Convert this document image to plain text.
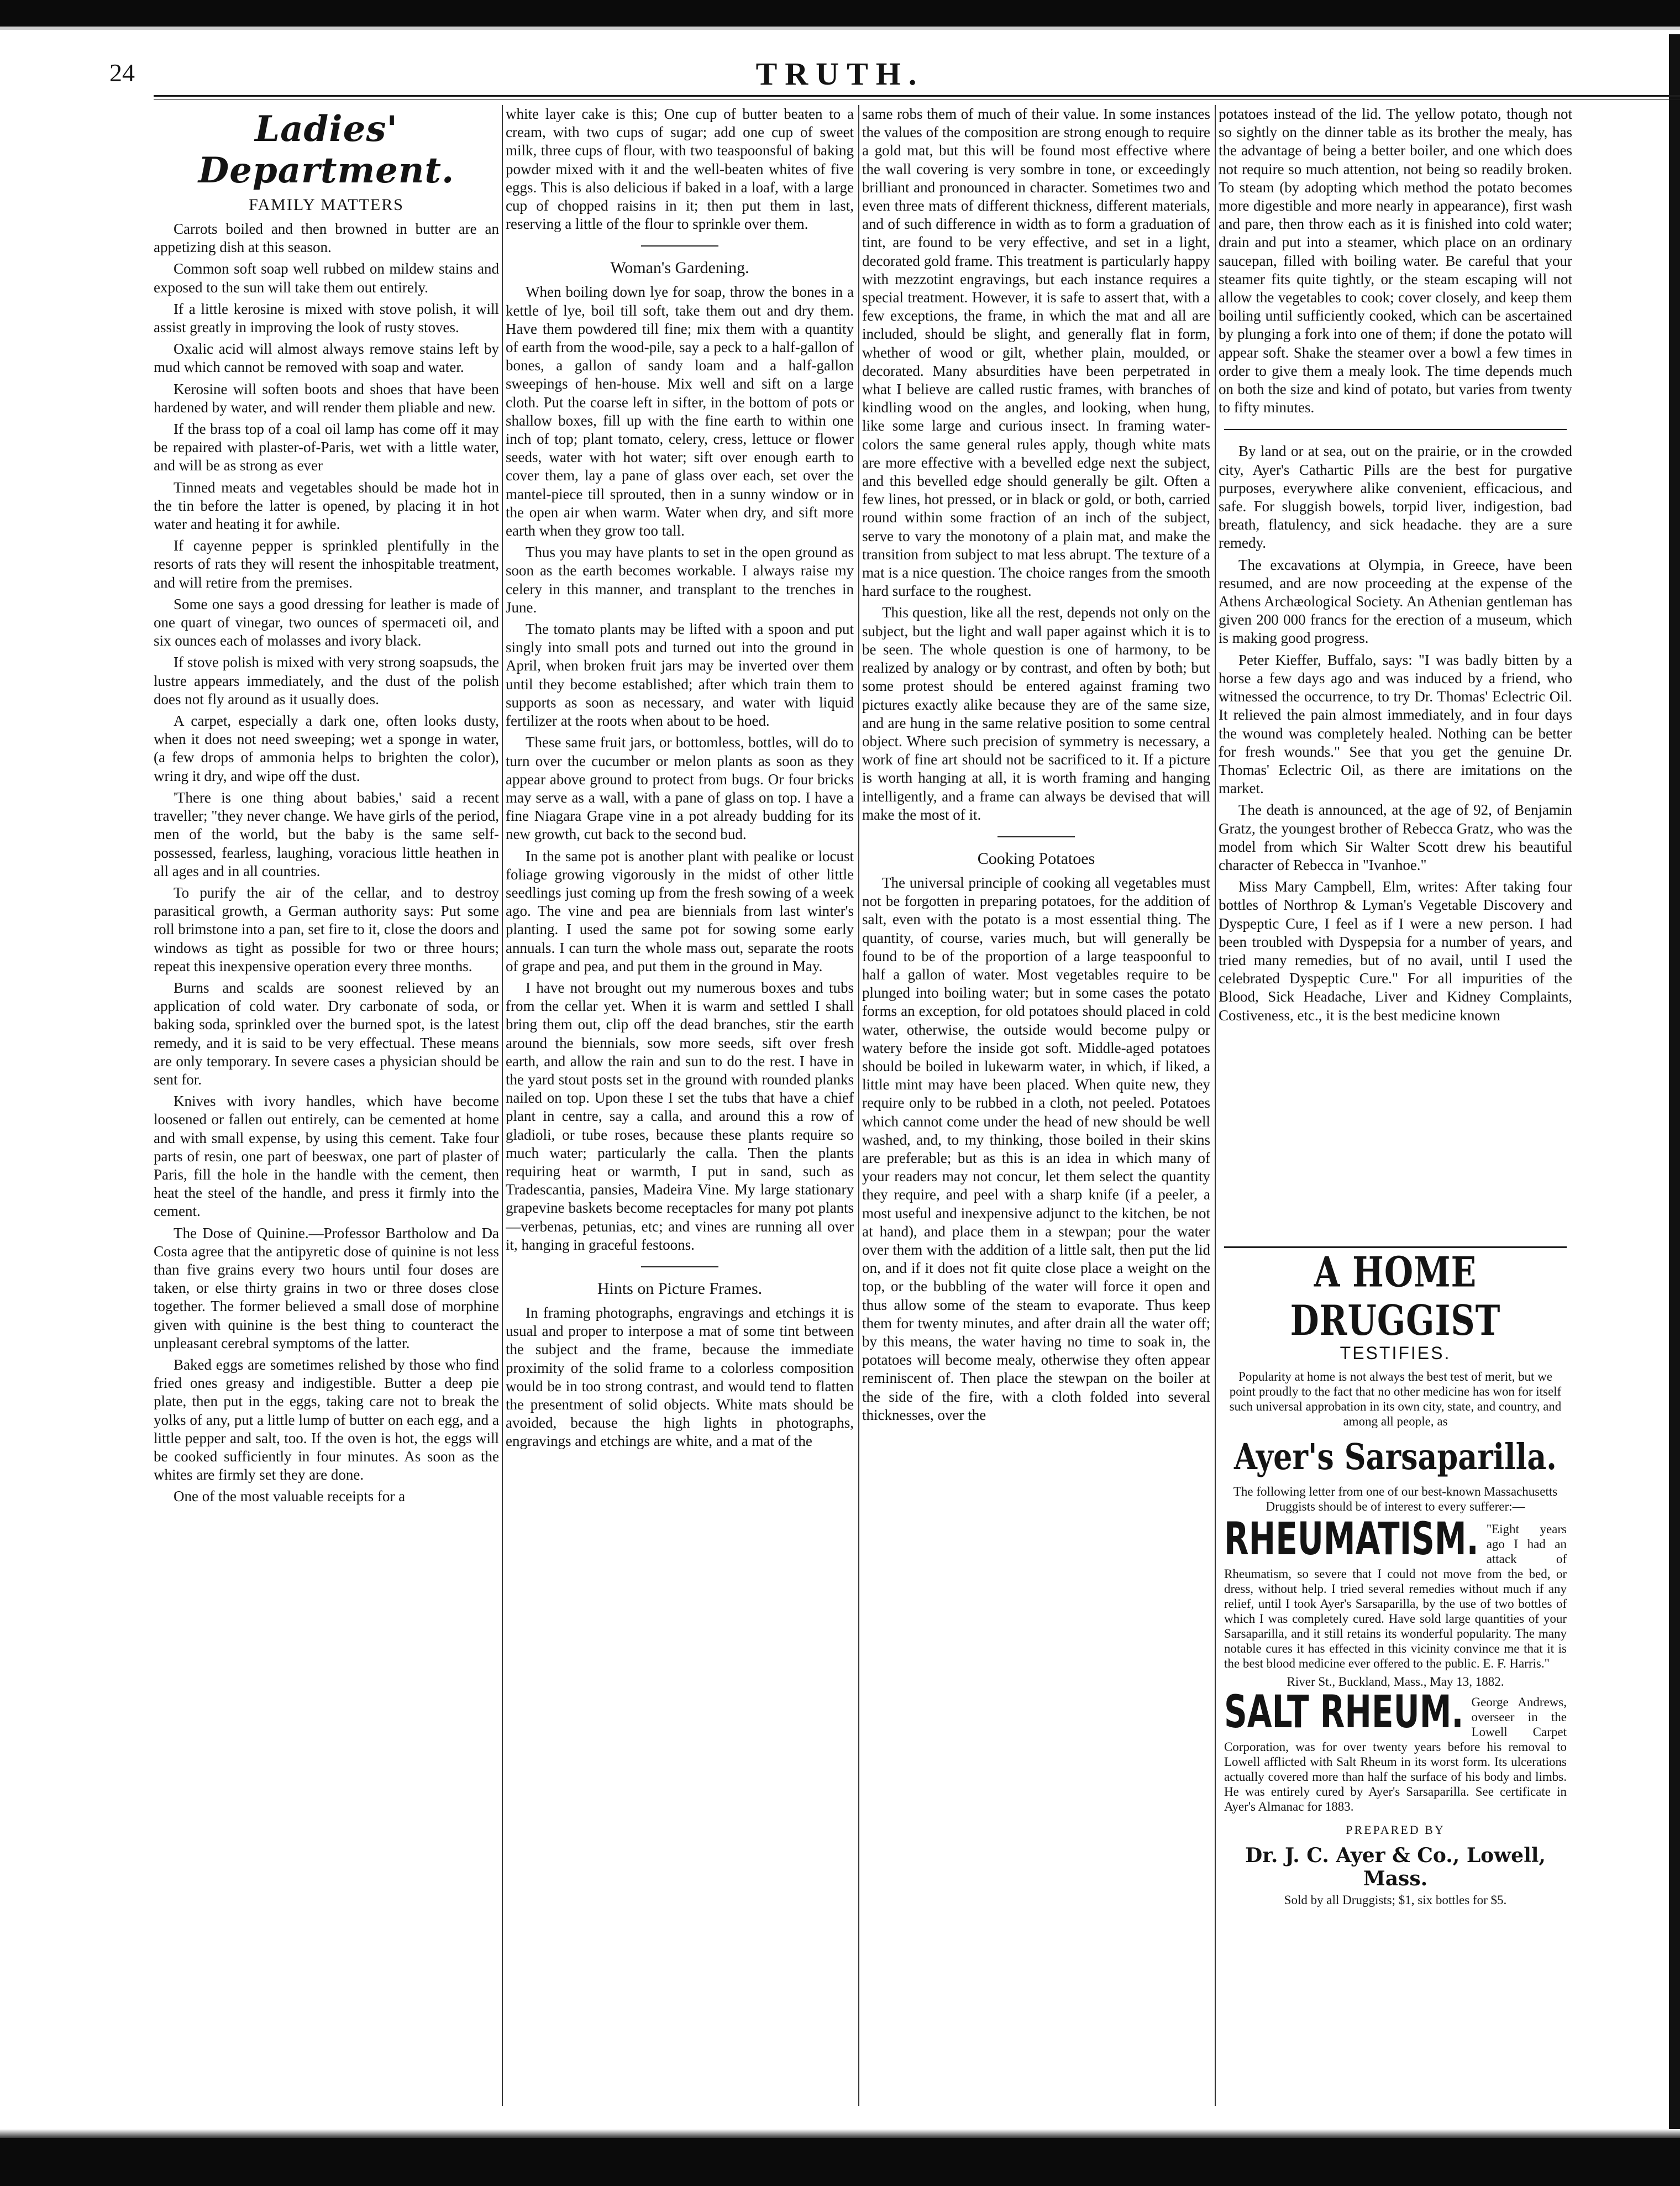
24	TRUTH.
Ladies' Department.
FAMILY MATTERS

Carrots boiled and then browned in butter are an appetizing dish at this season.

Common soft soap well rubbed on mildew stains and exposed to the sun will take them out entirely.

If a little kerosine is mixed with stove polish, it will assist greatly in improving the look of rusty stoves.

Oxalic acid will almost always remove stains left by mud which cannot be removed with soap and water.

Kerosine will soften boots and shoes that have been hardened by water, and will render them pliable and new.

If the brass top of a coal oil lamp has come off it may be repaired with plaster-of-Paris, wet with a little water, and will be as strong as ever

Tinned meats and vegetables should be made hot in the tin before the latter is opened, by placing it in hot water and heating it for awhile.

If cayenne pepper is sprinkled plentifully in the resorts of rats they will resent the inhospitable treatment, and will retire from the premises.

Some one says a good dressing for leather is made of one quart of vinegar, two ounces of spermaceti oil, and six ounces each of molasses and ivory black.

If stove polish is mixed with very strong soapsuds, the lustre appears immediately, and the dust of the polish does not fly around as it usually does.

A carpet, especially a dark one, often looks dusty, when it does not need sweeping; wet a sponge in water, (a few drops of ammonia helps to brighten the color), wring it dry, and wipe off the dust.

'There is one thing about babies,' said a recent traveller; "they never change. We have girls of the period, men of the world, but the baby is the same self-possessed, fearless, laughing, voracious little heathen in all ages and in all countries.

To purify the air of the cellar, and to destroy parasitical growth, a German authority says: Put some roll brimstone into a pan, set fire to it, close the doors and windows as tight as possible for two or three hours; repeat this inexpensive operation every three months.

Burns and scalds are soonest relieved by an application of cold water. Dry carbonate of soda, or baking soda, sprinkled over the burned spot, is the latest remedy, and it is said to be very effectual. These means are only temporary. In severe cases a physician should be sent for.

Knives with ivory handles, which have become loosened or fallen out entirely, can be cemented at home and with small expense, by using this cement. Take four parts of resin, one part of beeswax, one part of plaster of Paris, fill the hole in the handle with the cement, then heat the steel of the handle, and press it firmly into the cement.

The Dose of Quinine.—Professor Bartholow and Da Costa agree that the antipyretic dose of quinine is not less than five grains every two hours until four doses are taken, or else thirty grains in two or three doses close together. The former believed a small dose of morphine given with quinine is the best thing to counteract the unpleasant cerebral symptoms of the latter.

Baked eggs are sometimes relished by those who find fried ones greasy and indigestible. Butter a deep pie plate, then put in the eggs, taking care not to break the yolks of any, put a little lump of butter on each egg, and a little pepper and salt, too. If the oven is hot, the eggs will be cooked sufficiently in four minutes. As soon as the whites are firmly set they are done.

One of the most valuable receipts for a

white layer cake is this; One cup of butter beaten to a cream, with two cups of sugar; add one cup of sweet milk, three cups of flour, with two teaspoonsful of baking powder mixed with it and the well-beaten whites of five eggs. This is also delicious if baked in a loaf, with a large cup of chopped raisins in it; then put them in last, reserving a little of the flour to sprinkle over them.

Woman's Gardening.

When boiling down lye for soap, throw the bones in a kettle of lye, boil till soft, take them out and dry them. Have them powdered till fine; mix them with a quantity of earth from the wood-pile, say a peck to a half-gallon of bones, a gallon of sandy loam and a half-gallon sweepings of hen-house. Mix well and sift on a large cloth. Put the coarse left in sifter, in the bottom of pots or shallow boxes, fill up with the fine earth to within one inch of top; plant tomato, celery, cress, lettuce or flower seeds, water with hot water; sift over enough earth to cover them, lay a pane of glass over each, set over the mantel-piece till sprouted, then in a sunny window or in the open air when warm. Water when dry, and sift more earth when they grow too tall.

Thus you may have plants to set in the open ground as soon as the earth becomes workable. I always raise my celery in this manner, and transplant to the trenches in June.

The tomato plants may be lifted with a spoon and put singly into small pots and turned out into the ground in April, when broken fruit jars may be inverted over them until they become established; after which train them to supports as soon as necessary, and water with liquid fertilizer at the roots when about to be hoed.

These same fruit jars, or bottomless, bottles, will do to turn over the cucumber or melon plants as soon as they appear above ground to protect from bugs. Or four bricks may serve as a wall, with a pane of glass on top. I have a fine Niagara Grape vine in a pot already budding for its new growth, cut back to the second bud.

In the same pot is another plant with pealike or locust foliage growing vigorously in the midst of other little seedlings just coming up from the fresh sowing of a week ago. The vine and pea are biennials from last winter's planting. I used the same pot for sowing some early annuals. I can turn the whole mass out, separate the roots of grape and pea, and put them in the ground in May.

I have not brought out my numerous boxes and tubs from the cellar yet. When it is warm and settled I shall bring them out, clip off the dead branches, stir the earth around the biennials, sow more seeds, sift over fresh earth, and allow the rain and sun to do the rest. I have in the yard stout posts set in the ground with rounded planks nailed on top. Upon these I set the tubs that have a chief plant in centre, say a calla, and around this a row of gladioli, or tube roses, because these plants require so much water; particularly the calla. Then the plants requiring heat or warmth, I put in sand, such as Tradescantia, pansies, Madeira Vine. My large stationary grapevine baskets become receptacles for many pot plants—verbenas, petunias, etc; and vines are running all over it, hanging in graceful festoons.

Hints on Picture Frames.

In framing photographs, engravings and etchings it is usual and proper to interpose a mat of some tint between the subject and the frame, because the immediate proximity of the solid frame to a colorless composition would be in too strong contrast, and would tend to flatten the presentment of solid objects. White mats should be avoided, because the high lights in photographs, engravings and etchings are white, and a mat of the

same robs them of much of their value. In some instances the values of the composition are strong enough to require a gold mat, but this will be found most effective where the wall covering is very sombre in tone, or exceedingly brilliant and pronounced in character. Sometimes two and even three mats of different thickness, different materials, and of such difference in width as to form a graduation of tint, are found to be very effective, and set in a light, decorated gold frame. This treatment is particularly happy with mezzotint engravings, but each instance requires a special treatment. However, it is safe to assert that, with a few exceptions, the frame, in which the mat and all are included, should be slight, and generally flat in form, whether of wood or gilt, whether plain, moulded, or decorated. Many absurdities have been perpetrated in what I believe are called rustic frames, with branches of kindling wood on the angles, and looking, when hung, like some large and curious insect. In framing water-colors the same general rules apply, though white mats are more effective with a bevelled edge next the subject, and this bevelled edge should generally be gilt. Often a few lines, hot pressed, or in black or gold, or both, carried round within some fraction of an inch of the subject, serve to vary the monotony of a plain mat, and make the transition from subject to mat less abrupt. The texture of a mat is a nice question. The choice ranges from the smooth hard surface to the roughest.

This question, like all the rest, depends not only on the subject, but the light and wall paper against which it is to be seen. The whole question is one of harmony, to be realized by analogy or by contrast, and often by both; but some protest should be entered against framing two pictures exactly alike because they are of the same size, and are hung in the same relative position to some central object. Where such precision of symmetry is necessary, a work of fine art should not be sacrificed to it. If a picture is worth hanging at all, it is worth framing and hanging intelligently, and a frame can always be devised that will make the most of it.

Cooking Potatoes

The universal principle of cooking all vegetables must not be forgotten in preparing potatoes, for the addition of salt, even with the potato is a most essential thing. The quantity, of course, varies much, but will generally be found to be of the proportion of a large teaspoonful to half a gallon of water. Most vegetables require to be plunged into boiling water; but in some cases the potato forms an exception, for old potatoes should placed in cold water, otherwise, the outside would become pulpy or watery before the inside got soft. Middle-aged potatoes should be boiled in lukewarm water, in which, if liked, a little mint may have been placed. When quite new, they require only to be rubbed in a cloth, not peeled. Potatoes which cannot come under the head of new should be well washed, and, to my thinking, those boiled in their skins are preferable; but as this is an idea in which many of your readers may not concur, let them select the quantity they require, and peel with a sharp knife (if a peeler, a most useful and inexpensive adjunct to the kitchen, be not at hand), and place them in a stewpan; pour the water over them with the addition of a little salt, then put the lid on, and if it does not fit quite close place a weight on the top, or the bubbling of the water will force it open and thus allow some of the steam to evaporate. Thus keep them for twenty minutes, and after drain all the water off; by this means, the water having no time to soak in, the potatoes will become mealy, otherwise they often appear reminiscent of. Then place the stewpan on the boiler at the side of the fire, with a cloth folded into several thicknesses, over the

potatoes instead of the lid. The yellow potato, though not so sightly on the dinner table as its brother the mealy, has the advantage of being a better boiler, and one which does not require so much attention, not being so readily broken. To steam (by adopting which method the potato becomes more digestible and more nearly in appearance), first wash and pare, then throw each as it is finished into cold water; drain and put into a steamer, which place on an ordinary saucepan, filled with boiling water. Be careful that your steamer fits quite tightly, or the steam escaping will not allow the vegetables to cook; cover closely, and keep them boiling until sufficiently cooked, which can be ascertained by plunging a fork into one of them; if done the potato will appear soft. Shake the steamer over a bowl a few times in order to give them a mealy look. The time depends much on both the size and kind of potato, but varies from twenty to fifty minutes.

By land or at sea, out on the prairie, or in the crowded city, Ayer's Cathartic Pills are the best for purgative purposes, everywhere alike convenient, efficacious, and safe. For sluggish bowels, torpid liver, indigestion, bad breath, flatulency, and sick headache. they are a sure remedy.

The excavations at Olympia, in Greece, have been resumed, and are now proceeding at the expense of the Athens Archæological Society. An Athenian gentleman has given 200 000 francs for the erection of a museum, which is making good progress.

Peter Kieffer, Buffalo, says: "I was badly bitten by a horse a few days ago and was induced by a friend, who witnessed the occurrence, to try Dr. Thomas' Eclectric Oil. It relieved the pain almost immediately, and in four days the wound was completely healed. Nothing can be better for fresh wounds." See that you get the genuine Dr. Thomas' Eclectric Oil, as there are imitations on the market.

The death is announced, at the age of 92, of Benjamin Gratz, the youngest brother of Rebecca Gratz, who was the model from which Sir Walter Scott drew his beautiful character of Rebecca in "Ivanhoe."

Miss Mary Campbell, Elm, writes: After taking four bottles of Northrop & Lyman's Vegetable Discovery and Dyspeptic Cure, I feel as if I were a new person. I had been troubled with Dyspepsia for a number of years, and tried many remedies, but of no avail, until I used the celebrated Dyspeptic Cure." For all impurities of the Blood, Sick Headache, Liver and Kidney Complaints, Costiveness, etc., it is the best medicine known

A HOME DRUGGIST
TESTIFIES.

Popularity at home is not always the best test of merit, but we point proudly to the fact that no other medicine has won for itself such universal approbation in its own city, state, and country, and among all people, as

Ayer's Sarsaparilla.

The following letter from one of our best-known Massachusetts Druggists should be of interest to every sufferer:—

RHEUMATISM. "Eight years ago I had an attack of Rheumatism, so severe that I could not move from the bed, or dress, without help. I tried several remedies without much if any relief, until I took Ayer's Sarsaparilla, by the use of two bottles of which I was completely cured. Have sold large quantities of your Sarsaparilla, and it still retains its wonderful popularity. The many notable cures it has effected in this vicinity convince me that it is the best blood medicine ever offered to the public. E. F. Harris."

River St., Buckland, Mass., May 13, 1882.

SALT RHEUM. George Andrews, overseer in the Lowell Carpet Corporation, was for over twenty years before his removal to Lowell afflicted with Salt Rheum in its worst form. Its ulcerations actually covered more than half the surface of his body and limbs. He was entirely cured by Ayer's Sarsaparilla. See certificate in Ayer's Almanac for 1883.

PREPARED BY
Dr. J. C. Ayer & Co., Lowell, Mass.

Sold by all Druggists; $1, six bottles for $5.
